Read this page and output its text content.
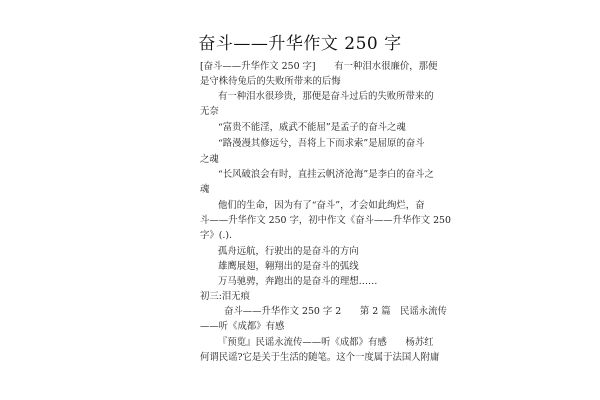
奋斗——升华作文 250 字
[奋斗——升华作文 250 字]　　有一种泪水很廉价，那便
是守株待兔后的失败所带来的后悔
有一种泪水很珍贵，那便是奋斗过后的失败所带来的
无奈
“富贵不能淫，威武不能屈”是孟子的奋斗之魂
“路漫漫其修远兮，吾将上下而求索”是屈原的奋斗
之魂
“长风破浪会有时，直挂云帆济沧海”是李白的奋斗之
魂
他们的生命，因为有了“奋斗”，才会如此绚烂，奋
斗——升华作文 250 字，初中作文《奋斗——升华作文 250
字》(.).
孤舟远航，行驶出的是奋斗的方向
雄鹰展翅，翱翔出的是奋斗的弧线
万马驰骋，奔跑出的是奋斗的理想……
初三:泪无痕
奋斗——升华作文 250 字 2　　第 2 篇　民谣永流传
——听《成都》有感
『预览』民谣永流传——听《成都》有感　　杨苏红
何谓民谣?它是关于生活的随笔。这个一度属于法国人附庸
